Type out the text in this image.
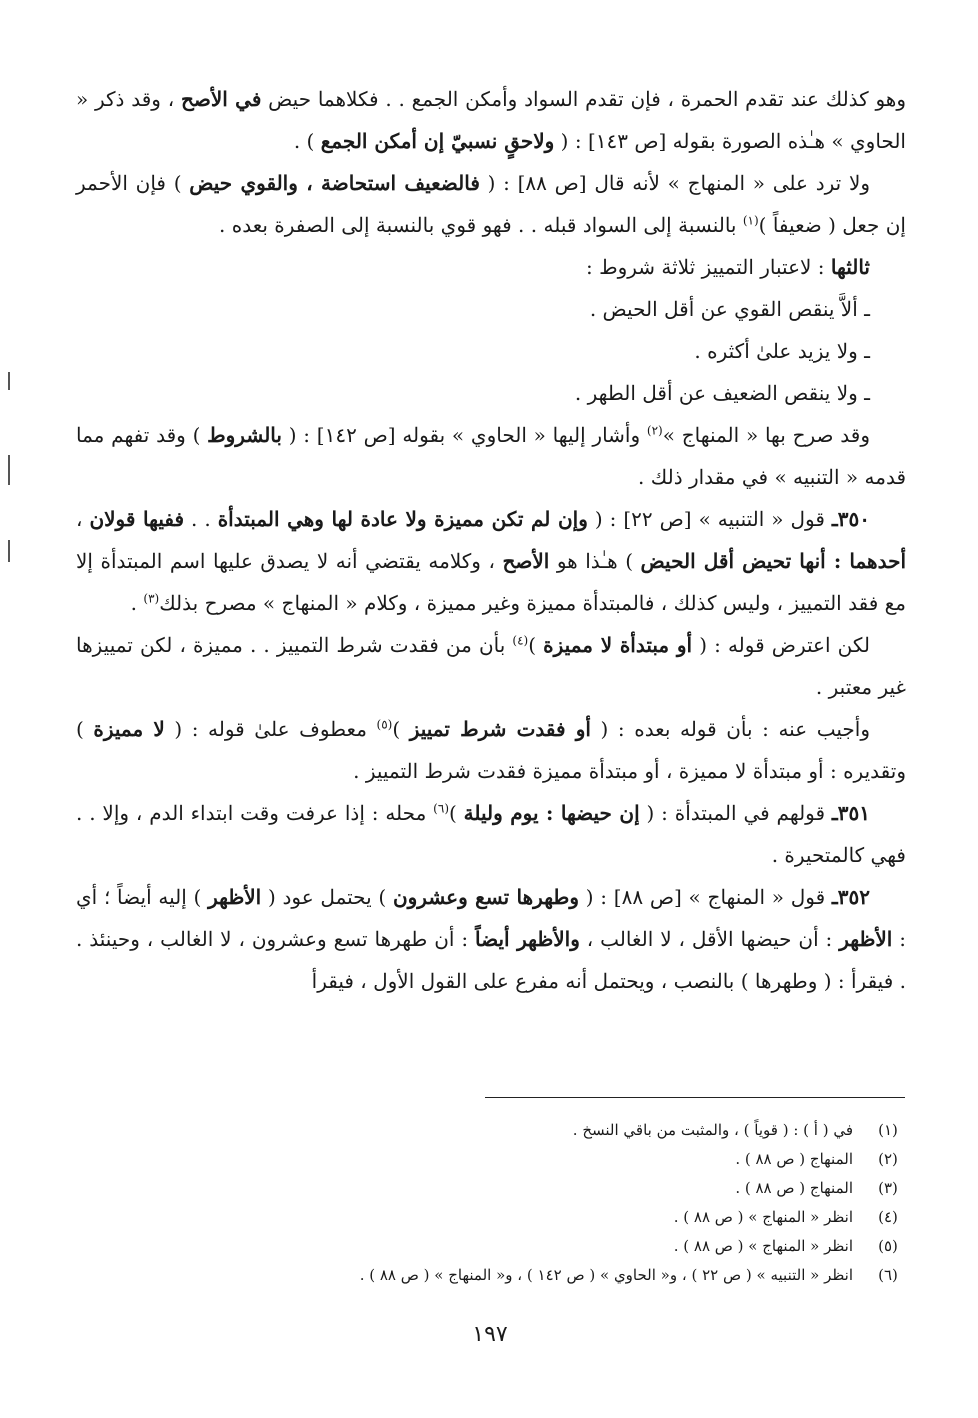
وهو كذلك عند تقدم الحمرة ، فإن تقدم السواد وأمكن الجمع . . فكلاهما حيض في الأصح ، وقد ذكر « الحاوي » هـٰذه الصورة بقوله [ص ١٤٣] : ( ولاحقٍ نسبيّ إن أمكن الجمع ) .

ولا ترد على « المنهاج » لأنه قال [ص ٨٨] : ( فالضعيف استحاضة ، والقوي حيض ) فإن الأحمر إن جعل ( ضعيفاً )$^{(١)}$ بالنسبة إلى السواد قبله . . فهو قوي بالنسبة إلى الصفرة بعده .

ثالثها : لاعتبار التمييز ثلاثة شروط :

ـ ألاَّ ينقص القوي عن أقل الحيض .
ـ ولا يزيد علىٰ أكثره .
ـ ولا ينقص الضعيف عن أقل الطهر .

وقد صرح بها « المنهاج »$^{(٢)}$ وأشار إليها « الحاوي » بقوله [ص ١٤٢] : ( بالشروط ) وقد تفهم مما قدمه « التنبيه » في مقدار ذلك .

٣٥٠ـ قول « التنبيه » [ص ٢٢] : ( وإن لم تكن مميزة ولا عادة لها وهي المبتدأة . . ففيها قولان ، أحدهما : أنها تحيض أقل الحيض ) هـٰذا هو الأصح ، وكلامه يقتضي أنه لا يصدق عليها اسم المبتدأة إلا مع فقد التمييز ، وليس كذلك ، فالمبتدأة مميزة وغير مميزة ، وكلام « المنهاج » مصرح بذلك$^{(٣)}$ .

لكن اعترض قوله : ( أو مبتدأة لا مميزة )$^{(٤)}$ بأن من فقدت شرط التمييز . . مميزة ، لكن تمييزها غير معتبر .

وأجيب عنه : بأن قوله بعده : ( أو فقدت شرط تمييز )$^{(٥)}$ معطوف علىٰ قوله : ( لا مميزة ) وتقديره : أو مبتدأة لا مميزة ، أو مبتدأة مميزة فقدت شرط التمييز .

٣٥١ـ قولهم في المبتدأة : ( إن حيضها : يوم وليلة )$^{(٦)}$ محله : إذا عرفت وقت ابتداء الدم ، وإلا . . فهي كالمتحيرة .

٣٥٢ـ قول « المنهاج » [ص ٨٨] : ( وطهرها تسع وعشرون ) يحتمل عود ( الأظهر ) إليه أيضاً ؛ أي : الأظهر : أن حيضها الأقل ، لا الغالب ، والأظهر أيضاً : أن طهرها تسع وعشرون ، لا الغالب ، وحينئذ . . فيقرأ : ( وطهرها ) بالنصب ، ويحتمل أنه مفرع على القول الأول ، فيقرأ

(١)
في ( أ ) : ( قوياً ) ، والمثبت من باقي النسخ .
(٢)
المنهاج ( ص ٨٨ ) .
(٣)
المنهاج ( ص ٨٨ ) .
(٤)
انظر « المنهاج » ( ص ٨٨ ) .
(٥)
انظر « المنهاج » ( ص ٨٨ ) .
(٦)
انظر « التنبيه » ( ص ٢٢ ) ، و« الحاوي » ( ص ١٤٢ ) ، و« المنهاج » ( ص ٨٨ ) .
١٩٧
